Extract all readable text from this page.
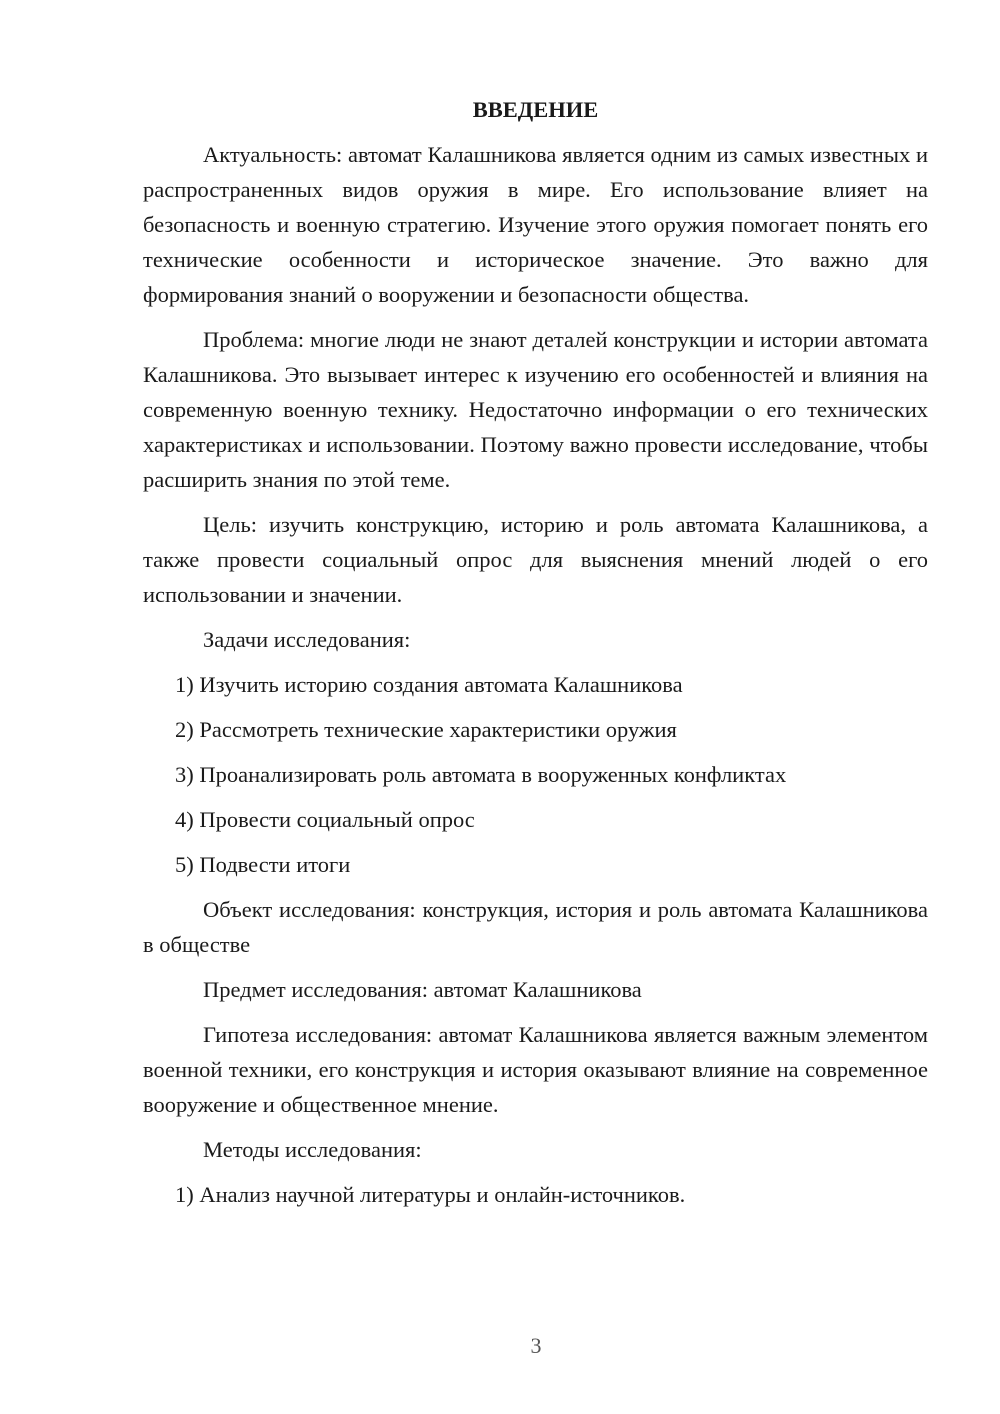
ВВЕДЕНИЕ

Актуальность: автомат Калашникова является одним из самых известных и распространенных видов оружия в мире. Его использование влияет на безопасность и военную стратегию. Изучение этого оружия помогает понять его технические особенности и историческое значение. Это важно для формирования знаний о вооружении и безопасности общества.

Проблема: многие люди не знают деталей конструкции и истории автомата Калашникова. Это вызывает интерес к изучению его особенностей и влияния на современную военную технику. Недостаточно информации о его технических характеристиках и использовании. Поэтому важно провести исследование, чтобы расширить знания по этой теме.

Цель: изучить конструкцию, историю и роль автомата Калашникова, а также провести социальный опрос для выяснения мнений людей о его использовании и значении.

Задачи исследования:

1) Изучить историю создания автомата Калашникова
2) Рассмотреть технические характеристики оружия
3) Проанализировать роль автомата в вооруженных конфликтах
4) Провести социальный опрос
5) Подвести итоги

Объект исследования: конструкция, история и роль автомата Калашникова в обществе

Предмет исследования: автомат Калашникова

Гипотеза исследования: автомат Калашникова является важным элементом военной техники, его конструкция и история оказывают влияние на современное вооружение и общественное мнение.

Методы исследования:

1) Анализ научной литературы и онлайн-источников.
3
